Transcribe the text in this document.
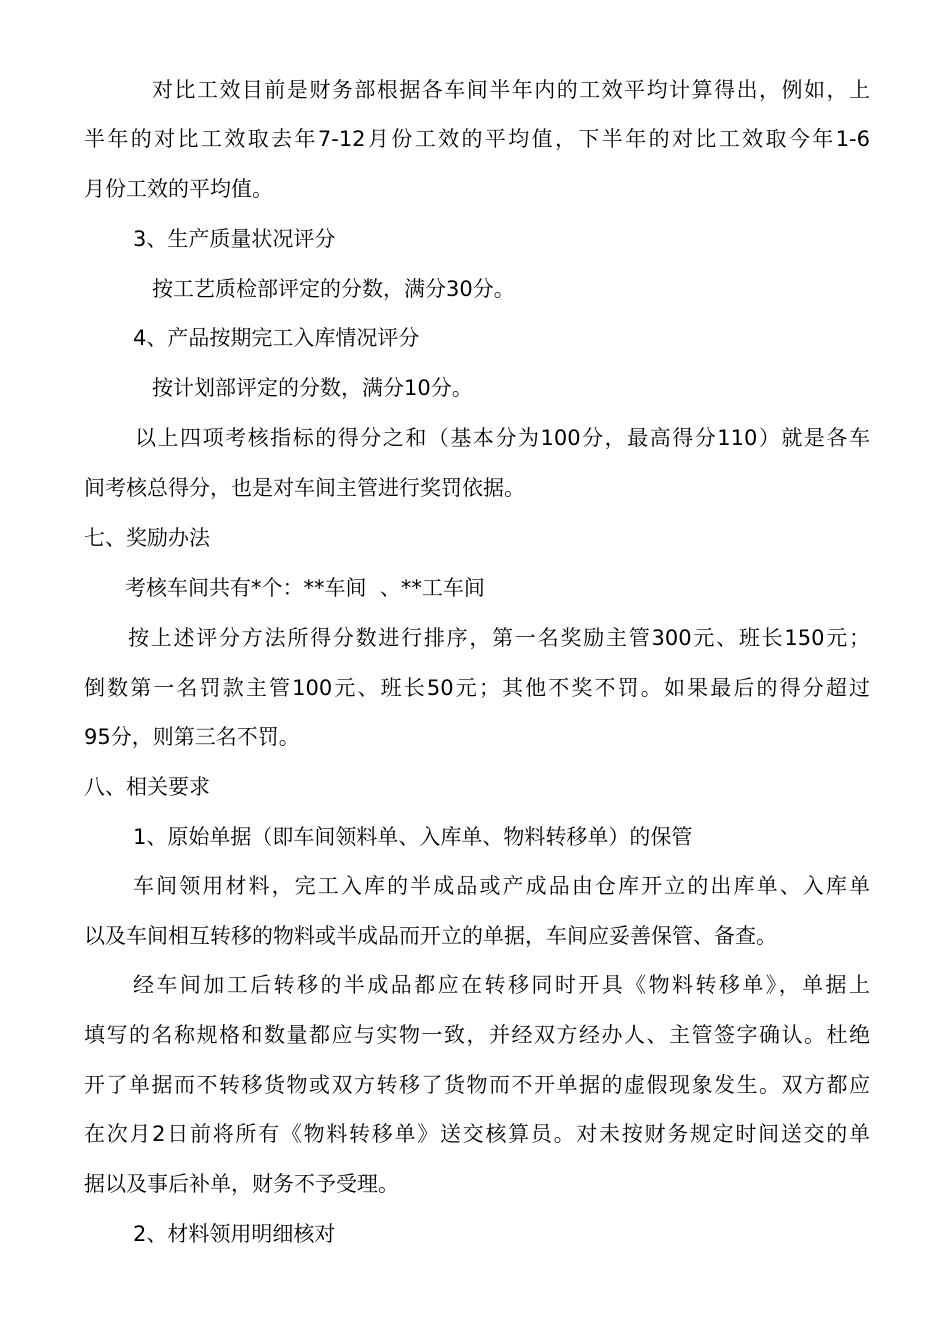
对比工效目前是财务部根据各车间半年内的工效平均计算得出，例如，上
半年的对比工效取去年7-12月份工效的平均值，下半年的对比工效取今年1-6
月份工效的平均值。
3、生产质量状况评分
按工艺质检部评定的分数，满分30分。
4、产品按期完工入库情况评分
按计划部评定的分数，满分10分。
以上四项考核指标的得分之和（基本分为100分，最高得分110）就是各车
间考核总得分，也是对车间主管进行奖罚依据。
七、奖励办法
考核车间共有*个：**车间  、**工车间
按上述评分方法所得分数进行排序，第一名奖励主管300元、班长150元；
倒数第一名罚款主管100元、班长50元；其他不奖不罚。如果最后的得分超过
95分，则第三名不罚。
八、相关要求
1、原始单据（即车间领料单、入库单、物料转移单）的保管
车间领用材料，完工入库的半成品或产成品由仓库开立的出库单、入库单
以及车间相互转移的物料或半成品而开立的单据，车间应妥善保管、备查。
经车间加工后转移的半成品都应在转移同时开具《物料转移单》，单据上
填写的名称规格和数量都应与实物一致，并经双方经办人、主管签字确认。杜绝
开了单据而不转移货物或双方转移了货物而不开单据的虚假现象发生。双方都应
在次月2日前将所有《物料转移单》送交核算员。对未按财务规定时间送交的单
据以及事后补单，财务不予受理。
2、材料领用明细核对
